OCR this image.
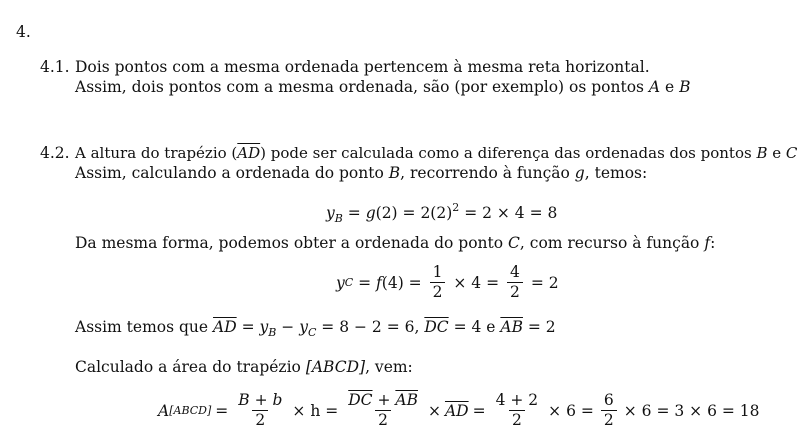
4.
4.1. Dois pontos com a mesma ordenada pertencem à mesma reta horizontal.
Assim, dois pontos com a mesma ordenada, são (por exemplo) os pontos A e B
4.2. A altura do trapézio $(\overline{AD})$ pode ser calculada como a diferença das ordenadas dos pontos B e C
Assim, calculando a ordenada do ponto B, recorrendo à função g, temos:
$y_B = g(2) = 2(2)^2 = 2 \times 4 = 8$
Da mesma forma, podemos obter a ordenada do ponto C, com recurso à função f:
y C = f $(4) = \frac{1}{2} \times 4 = \frac{4}{2} = 2$
Assim temos que $\overline{AD} = y_B - y_C = 8 - 2 = 6$, $\overline{DC} = 4$ e $\overline{AB} = 2$
Calculado a área do trapézio [ABCD], vem:
A [ABCD] = $\frac{B + b}{2} \times h = \frac{\overline{DC} + \overline{AB}}{2} \times \overline{AD} = \frac{4 + 2}{2} \times 6 = \frac{6}{2} \times 6 = 3 \times 6 = 18$
